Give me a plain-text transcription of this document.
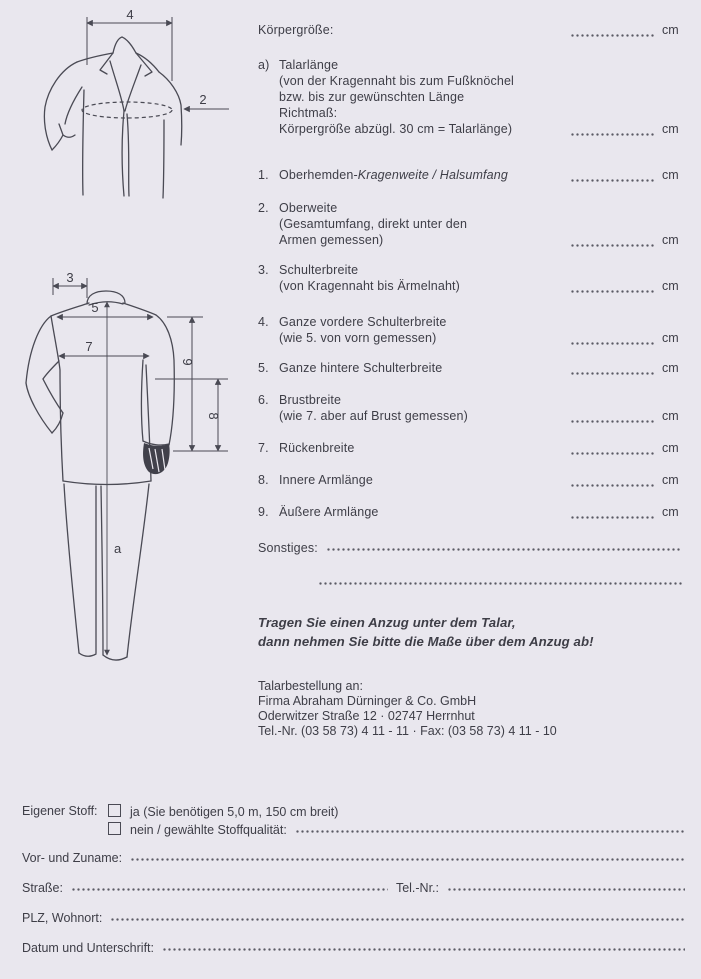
4
2
3
5
7
9
8
a
Körpergröße:	cm
a) Talarlänge
(von der Kragennaht bis zum Fußknöchel
bzw. bis zur gewünschten Länge
Richtmaß:
Körpergröße abzügl. 30 cm = Talarlänge)	cm
1. Oberhemden-Kragenweite / Halsumfang	cm
2. Oberweite
(Gesamtumfang, direkt unter den
Armen gemessen)	cm
3. Schulterbreite
(von Kragennaht bis Ärmelnaht)	cm
4. Ganze vordere Schulterbreite
(wie 5. von vorn gemessen)	cm
5. Ganze hintere Schulterbreite	cm
6. Brustbreite
(wie 7. aber auf Brust gemessen)	cm
7. Rückenbreite	cm
8. Innere Armlänge	cm
9. Äußere Armlänge	cm
Sonstiges:
Tragen Sie einen Anzug unter dem Talar,
dann nehmen Sie bitte die Maße über dem Anzug ab!
Talarbestellung an:
Firma Abraham Dürninger & Co. GmbH
Oderwitzer Straße 12 · 02747 Herrnhut
Tel.-Nr. (03 58 73) 4 11 - 11 · Fax: (03 58 73) 4 11 - 10
Eigener Stoff:	ja (Sie benötigen 5,0 m, 150 cm breit)
nein / gewählte Stoffqualität:
Vor- und Zuname:
Straße:	Tel.-Nr.:
PLZ, Wohnort:
Datum und Unterschrift:
